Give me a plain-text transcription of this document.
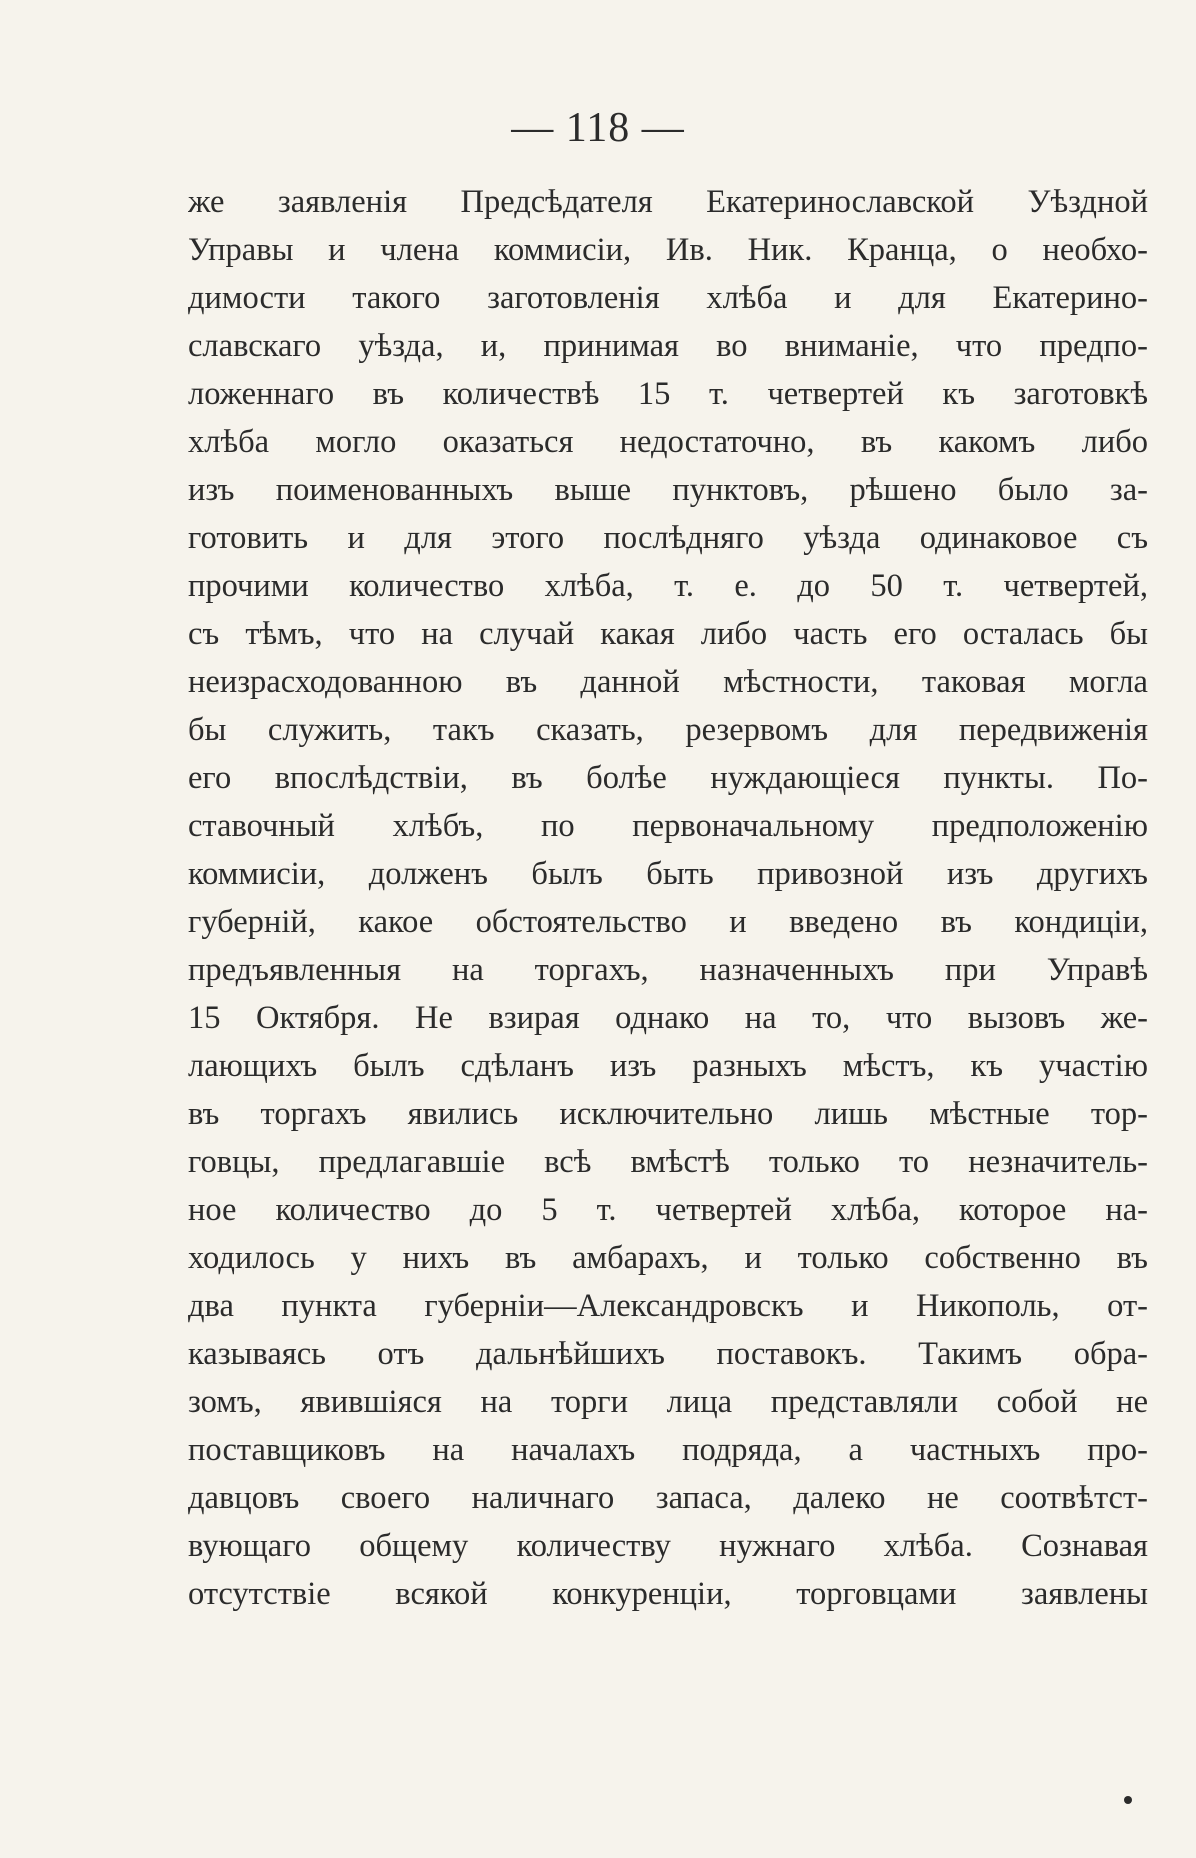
— 118 —
же заявленія Предсѣдателя Екатеринославской Уѣздной
Управы и члена коммисіи, Ив. Ник. Кранца, о необхо-
димости такого заготовленія хлѣба и для Екатерино-
славскаго уѣзда, и, принимая во вниманіе, что предпо-
ложеннаго въ количествѣ 15 т. четвертей къ заготовкѣ
хлѣба могло оказаться недостаточно, въ какомъ либо
изъ поименованныхъ выше пунктовъ, рѣшено было за-
готовить и для этого послѣдняго уѣзда одинаковое съ
прочими количество хлѣба, т. е. до 50 т. четвертей,
съ тѣмъ, что на случай какая либо часть его осталась бы
неизрасходованною въ данной мѣстности, таковая могла
бы служить, такъ сказать, резервомъ для передвиженія
его впослѣдствіи, въ болѣе нуждающіеся пункты. По-
ставочный хлѣбъ, по первоначальному предположенію
коммисіи, долженъ былъ быть привозной изъ другихъ
губерній, какое обстоятельство и введено въ кондиціи,
предъявленныя на торгахъ, назначенныхъ при Управѣ
15 Октября. Не взирая однако на то, что вызовъ же-
лающихъ былъ сдѣланъ изъ разныхъ мѣстъ, къ участію
въ торгахъ явились исключительно лишь мѣстные тор-
говцы, предлагавшіе всѣ вмѣстѣ только то незначитель-
ное количество до 5 т. четвертей хлѣба, которое на-
ходилось у нихъ въ амбарахъ, и только собственно въ
два пункта губерніи—Александровскъ и Никополь, от-
казываясь отъ дальнѣйшихъ поставокъ. Такимъ обра-
зомъ, явившіяся на торги лица представляли собой не
поставщиковъ на началахъ подряда, а частныхъ про-
давцовъ своего наличнаго запаса, далеко не соотвѣтст-
вующаго общему количеству нужнаго хлѣба. Сознавая
отсутствіе всякой конкуренціи, торговцами заявлены
